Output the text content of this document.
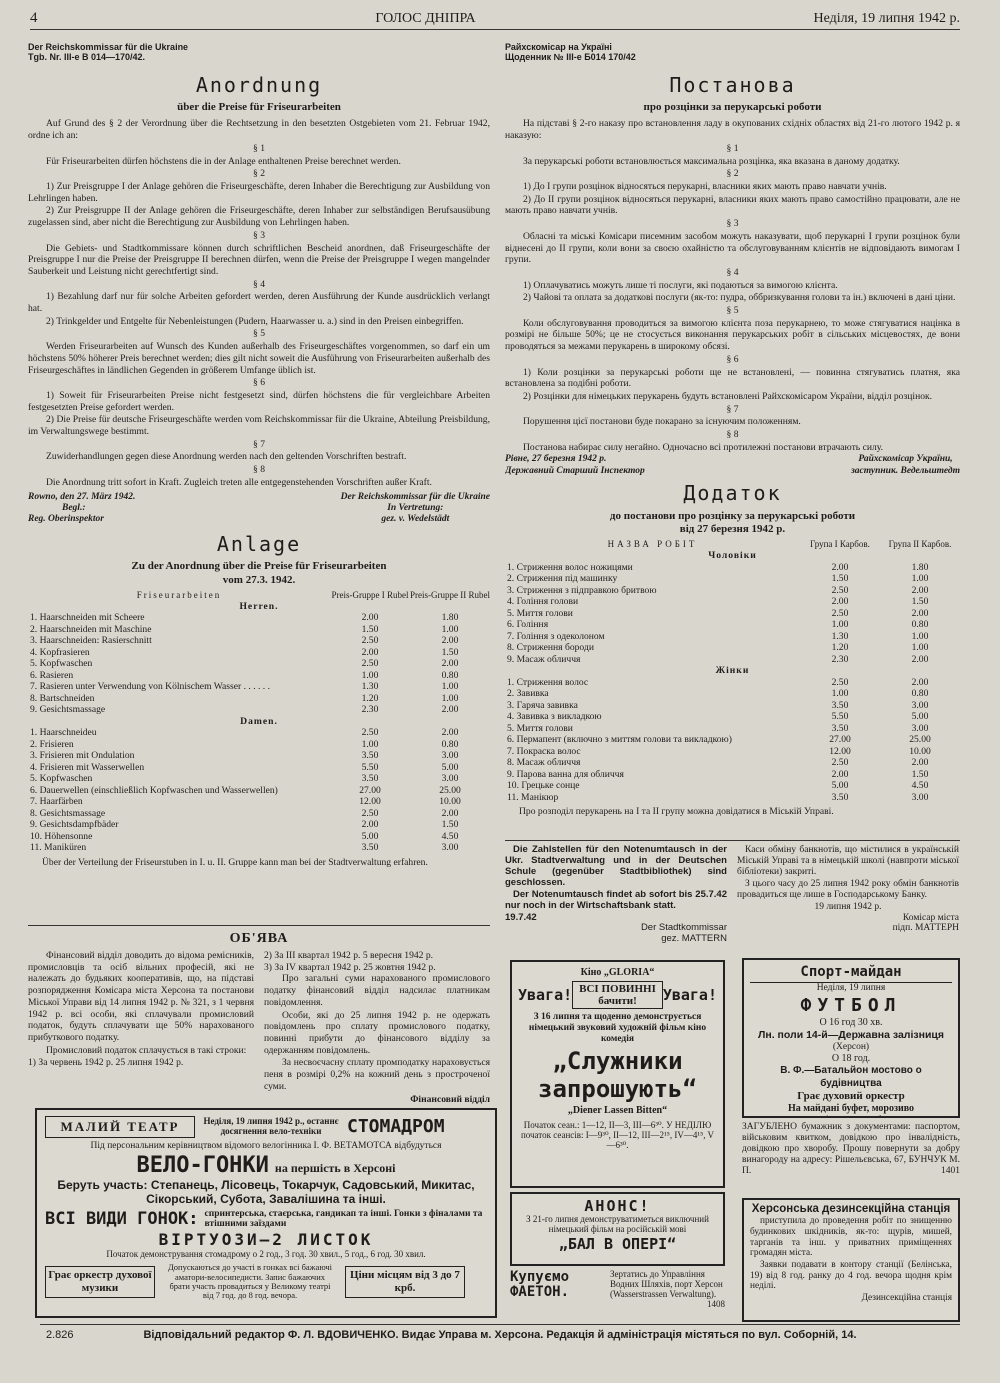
4	ГОЛОС ДНІПРА	Неділя, 19 липня 1942 р.
Der Reichskommissar für die Ukraine
Tgb. Nr. III-e B 014—170/42.
Anordnung
über die Preise für Friseurarbeiten
Auf Grund des § 2 der Verordnung über die Rechtsetzung in den besetzten Ostgebieten vom 21. Februar 1942, ordne ich an:
§ 1
Für Friseurarbeiten dürfen höchstens die in der Anlage enthaltenen Preise berechnet werden.
§ 2
1) Zur Preisgruppe I der Anlage gehören die Friseurgeschäfte, deren Inhaber die Berechtigung zur Ausbildung von Lehrlingen haben.
2) Zur Preisgruppe II der Anlage gehören die Friseurgeschäfte, deren Inhaber zur selbständigen Berufsausübung zugelassen sind, aber nicht die Berechtigung zur Ausbildung von Lehrlingen haben.
§ 3
Die Gebiets- und Stadtkommissare können durch schriftlichen Bescheid anordnen, daß Friseurgeschäfte der Preisgruppe I nur die Preise der Preisgruppe II berechnen dürfen, wenn die Preise der Preisgruppe I wegen mangelnder Sauberkeit und Leistung nicht gerechtfertigt sind.
§ 4
1) Bezahlung darf nur für solche Arbeiten gefordert werden, deren Ausführung der Kunde ausdrücklich verlangt hat.
2) Trinkgelder und Entgelte für Nebenleistungen (Pudern, Haarwasser u. a.) sind in den Preisen einbegriffen.
§ 5
Werden Friseurarbeiten auf Wunsch des Kunden außerhalb des Friseurgeschäftes vorgenommen, so darf ein um höchstens 50% höherer Preis berechnet werden; dies gilt nicht soweit die Ausführung von Friseurarbeiten außerhalb des Friseurgeschäftes in ländlichen Gegenden in größerem Umfange üblich ist.
§ 6
1) Soweit für Friseurarbeiten Preise nicht festgesetzt sind, dürfen höchstens die für vergleichbare Arbeiten festgesetzten Preise gefordert werden.
2) Die Preise für deutsche Friseurgeschäfte werden vom Reichskommissar für die Ukraine, Abteilung Preisbildung, im Verwaltungswege bestimmt.
§ 7
Zuwiderhandlungen gegen diese Anordnung werden nach den geltenden Vorschriften bestraft.
§ 8
Die Anordnung tritt sofort in Kraft. Zugleich treten alle entgegenstehenden Vorschriften außer Kraft.
Rowno, den 27. März 1942.
Begl.:
Reg. Oberinspektor
Der Reichskommissar für die Ukraine
In Vertretung:
gez. v. Wedelstädt
Anlage
Zu der Anordnung über die Preise für Friseurarbeiten
vom 27.3. 1942.
Friseurarbeiten	Preis-Gruppe I Rubel	Preis-Gruppe II Rubel
Herren.		
1. Haarschneiden mit Scheere	2.00	1.80
2. Haarschneiden mit Maschine	1.50	1.00
3. Haarschneiden: Rasierschnitt	2.50	2.00
4. Kopfrasieren	2.00	1.50
5. Kopfwaschen	2.50	2.00
6. Rasieren	1.00	0.80
7. Rasieren unter Verwendung von Kölnischem Wasser . . . . . .	1.30	1.00
8. Bartschneiden	1.20	1.00
9. Gesichtsmassage	2.30	2.00
Damen.		
1. Haarschneideu	2.50	2.00
2. Frisieren	1.00	0.80
3. Frisieren mit Ondulation	3.50	3.00
4. Frisieren mit Wasserwellen	5.50	5.00
5. Kopfwaschen	3.50	3.00
6. Dauerwellen (einschließlich Kopfwaschen und Wasserwellen)	27.00	25.00
7. Haarfärben	12.00	10.00
8. Gesichtsmassage	2.50	2.00
9. Gesichtsdampfbäder	2.00	1.50
10. Höhensonne	5.00	4.50
11. Maniküren	3.50	3.00
Über der Verteilung der Friseurstuben in I. u. II. Gruppe kann man bei der Stadtverwaltung erfahren.
Райхскомісар на Україні
Щоденник № III-е Б014 170/42
Постанова
про розцінки за перукарські роботи
На підставі § 2-го наказу про встановлення ладу в окупованих східніх областях від 21-го лютого 1942 р. я наказую:
§ 1
За перукарські роботи встановлюється максимальна розцінка, яка вказана в даному додатку.
§ 2
1) До I групи розцінок відносяться перукарні, власники яких мають право навчати учнів.
2) До II групи розцінок відносяться перукарні, власники яких мають право самостійно працювати, але не мають право навчати учнів.
§ 3
Обласні та міські Комісари писемним засобом можуть наказувати, щоб перукарні I групи розцінок були віднесені до II групи, коли вони за своєю охайністю та обслуговуванням клієнтів не відповідають вимогам I групи.
§ 4
1) Оплачуватись можуть лише ті послуги, які подаються за вимогою клієнта.
2) Чайові та оплата за додаткові послуги (як-то: пудра, оббризкування голови та ін.) включені в дані ціни.
§ 5
Коли обслуговування проводиться за вимогою клієнта поза перукарнею, то може стягуватися націнка в розмірі не більше 50%; це не стосується виконання перукарських робіт в сільських місцевостях, де вони проводяться за межами перукарень в широкому обсязі.
§ 6
1) Коли розцінки за перукарські роботи ще не встановлені, — повинна стягуватись платня, яка встановлена за подібні роботи.
2) Розцінки для німецьких перукарень будуть встановлені Райхскомісаром України, відділ розцінок.
§ 7
Порушення цієї постанови буде покарано за існуючим положенням.
§ 8
Постанова набирає силу негайно. Одночасно всі протилежні постанови втрачають силу.
Рівне, 27 березня 1942 р.
Державний Старший Інспектор
Райхскомісар України,
заступник. Ведельштедт
Додаток
до постанови про розцінку за перукарські роботи
від 27 березня 1942 р.
НАЗВА РОБІТ	Група I Карбов.	Група II Карбов.
Чоловіки		
1. Стриження волос ножицями	2.00	1.80
2. Стриження під машинку	1.50	1.00
3. Стриження з підправкою бритвою	2.50	2.00
4. Гоління голови	2.00	1.50
5. Миття голови	2.50	2.00
6. Гоління	1.00	0.80
7. Гоління з одеколоном	1.30	1.00
8. Стриження бороди	1.20	1.00
9. Масаж обличчя	2.30	2.00
Жінки		
1. Стриження волос	2.50	2.00
2. Завивка	1.00	0.80
3. Гаряча завивка	3.50	3.00
4. Завивка з викладкою	5.50	5.00
5. Миття голови	3.50	3.00
6. Пермапент (включно з миттям голови та викладкою)	27.00	25.00
7. Покраска волос	12.00	10.00
8. Масаж обличчя	2.50	2.00
9. Парова ванна для обличчя	2.00	1.50
10. Грецьке сонце	5.00	4.50
11. Манікюр	3.50	3.00
Про розподіл перукарень на I та II групу можна довідатися в Міській Управі.
Die Zahlstellen für den Notenumtausch in der Ukr. Stadtverwaltung und in der Deutschen Schule (gegenüber Stadtbibliothek) sind geschlossen.
Der Notenumtausch findet ab sofort bis 25.7.42 nur noch in der Wirtschaftsbank statt.
19.7.42
Der Stadtkommissar
gez. MATTERN
Каси обміну банкнотів, що містилися в українській Міській Управі та в німецькій школі (навпроти міської бібліотеки) закриті.
З цього часу до 25 липня 1942 року обмін банкнотів провадиться ще лише в Господарському Банку.
19 липня 1942 р.
Комісар міста
підп. МАТТЕРН
ОБ'ЯВА
Фінансовий відділ доводить до відома ремісників, промисловців та осіб вільних професій, які не належать до будьяких кооперативів, що, на підставі розпорядження Комісара міста Херсона та постанови Міської Управи від 14 липня 1942 р. № 321, з 1 червня 1942 р. всі особи, які сплачували промисловий податок, будуть сплачувати ще 50% нарахованого прибуткового податку.
Промисловий податок сплачується в такі строки:
1) За червень 1942 р. 25 липня 1942 р.
2) За III квартал 1942 р. 5 вересня 1942 р.
3) За IV квартал 1942 р. 25 жовтня 1942 р.
Про загальні суми нарахованого промислового податку фінансовий відділ надсилає платникам повідомлення.
Особи, які до 25 липня 1942 р. не одержать повідомлень про сплату промислового податку, повинні прибути до фінансового відділу за одержанням повідомлень.
За несвоєчасну сплату промподатку нараховується пеня в розмірі 0,2% на кожний день з простроченої суми.
Фінансовий відділ
МАЛИЙ ТЕАТР	Неділя, 19 липня 1942 р., останнє досягнення вело-техніки	СТОМАДРОМ
Під персональним керівництвом відомого велогінника І. Ф. ВЕТАМОТСА відбудуться
ВЕЛО-ГОНКИ на першість в Херсоні
Беруть участь: Степанець, Лісовець, Токарчук, Садовський, Микитас, Сікорський, Субота, Завалішина та інші.
ВСІ ВИДИ ГОНОК: спринтерська, стаєрська, гандикап та інші. Гонки з фіналами та втішними заїздами
ВІРТУОЗИ—2 ЛИСТОК
Початок демонстрування стомадрому о 2 год., 3 год. 30 хвил., 5 год., 6 год. 30 хвил.
Грає оркестр духової музики
Допускаються до участі в гонках всі бажаючі аматори-велосипедисти. Запис бажаючих брати участь провадиться у Великому театрі від 7 год. до 8 год. вечора.
Ціни місцям від 3 до 7 крб.
Кіно „GLORIA“
Увага! ВСІ ПОВИННІ бачити!	Увага!
З 16 липня та щоденно демонструється німецький звуковий художній фільм кіно комедія
„Служники запрошують“
„Diener Lassen Bitten“
Початок сеан.: 1—12, II—3, III—6³⁰. У НЕДІЛЮ початок сеансів: I—9³⁰, II—12, III—2¹⁵, IV—4¹⁵, V—6³⁰.
АНОНС!
З 21-го липня демонструватиметься виключний німецький фільм на російській мові
„БАЛ В ОПЕРІ“
Купуємо ФАЕТОН.
Зертатись до Управління Водних Шляхів, порт Херсон (Wasserstrassen Verwaltung).
1408
Спорт-майдан
Неділя, 19 липня
ФУТБОЛ
О 16 год 30 хв.
Лн. поли 14-й—Державна залізниця
(Херсон)
О 18 год.
В. Ф.—Батальйон мостово о будівництва
Грає духовий оркестр
На майдані буфет, морозиво
ЗАГУБЛЕНО бумажник з документами: паспортом, військовим квитком, довідкою про інвалідність, довідкою про хворобу. Прошу повернути за добру винагороду на адресу: Рішельєвська, 67, БУНЧУК М. П.	1401
Херсонська дезинсекційна станція
приступила до проведення робіт по знищенню будинкових шкідників, як-то: щурів, мишей, тарганів та інш. у приватних приміщеннях громадян міста.
Заявки подавати в контору станції (Белінська, 19) від 8 год. ранку до 4 год. вечора щодня крім неділі.
Дезинсекційна станція
2.826	Відповідальний редактор Ф. Л. ВДОВИЧЕНКО. Видає Управа м. Херсона. Редакція й адміністрація містяться по вул. Соборній, 14.
